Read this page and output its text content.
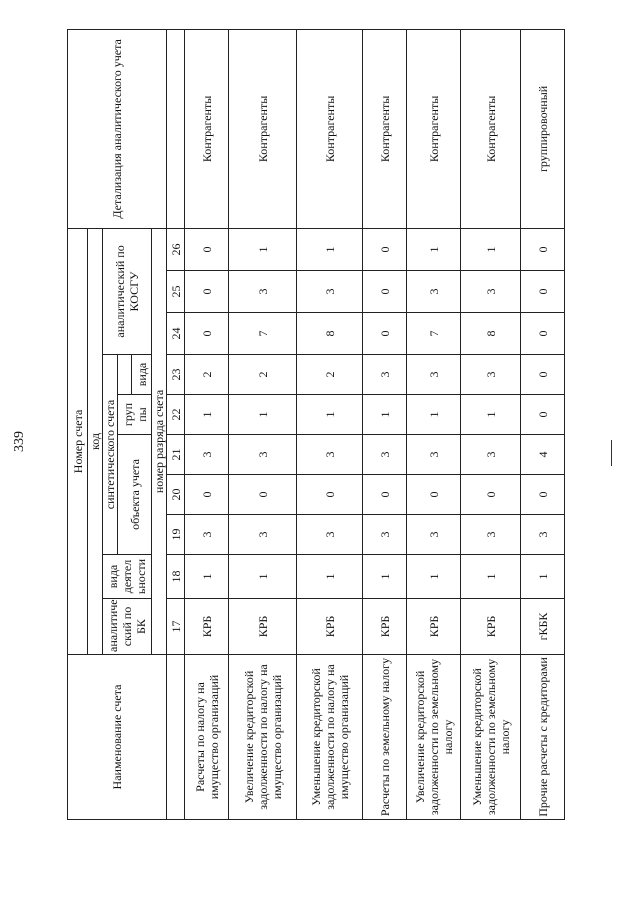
339
Наименование счета	Номер счета										Детализация аналитического учета
	код										
	аналитиче ский по БК	вида деятел ьности	синтетического счета					аналитический по КОСГУ			
			объекта учета			груп пы					
							вида				
	номер разряда счета										
	17	18	19	20	21	22	23	24	25	26	
Расчеты по налогу на имущество организаций	КРБ	1	3	0	3	1	2	0	0	0	Контрагенты
Увеличение кредиторской задолженности по налогу на имущество организаций	КРБ	1	3	0	3	1	2	7	3	1	Контрагенты
Уменьшение кредиторской задолженности по налогу на имущество организаций	КРБ	1	3	0	3	1	2	8	3	1	Контрагенты
Расчеты по земельному налогу	КРБ	1	3	0	3	1	3	0	0	0	Контрагенты
Увеличение кредиторской задолженности по земельному налогу	КРБ	1	3	0	3	1	3	7	3	1	Контрагенты
Уменьшение кредиторской задолженности по земельному налогу	КРБ	1	3	0	3	1	3	8	3	1	Контрагенты
Прочие расчеты с кредиторами	гКБК	1	3	0	4	0	0	0	0	0	группировочный
